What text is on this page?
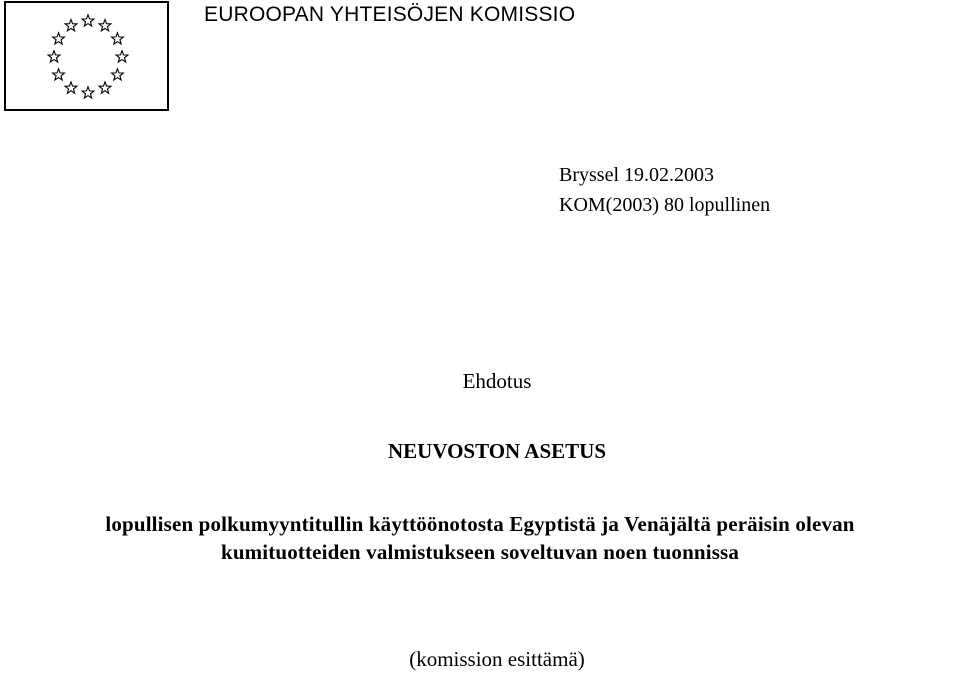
EUROOPAN YHTEISÖJEN KOMISSIO
Bryssel 19.02.2003
KOM(2003) 80 lopullinen
Ehdotus
NEUVOSTON ASETUS
lopullisen polkumyyntitullin käyttöönotosta Egyptistä ja Venäjältä peräisin olevan
kumituotteiden valmistukseen soveltuvan noen tuonnissa
(komission esittämä)
